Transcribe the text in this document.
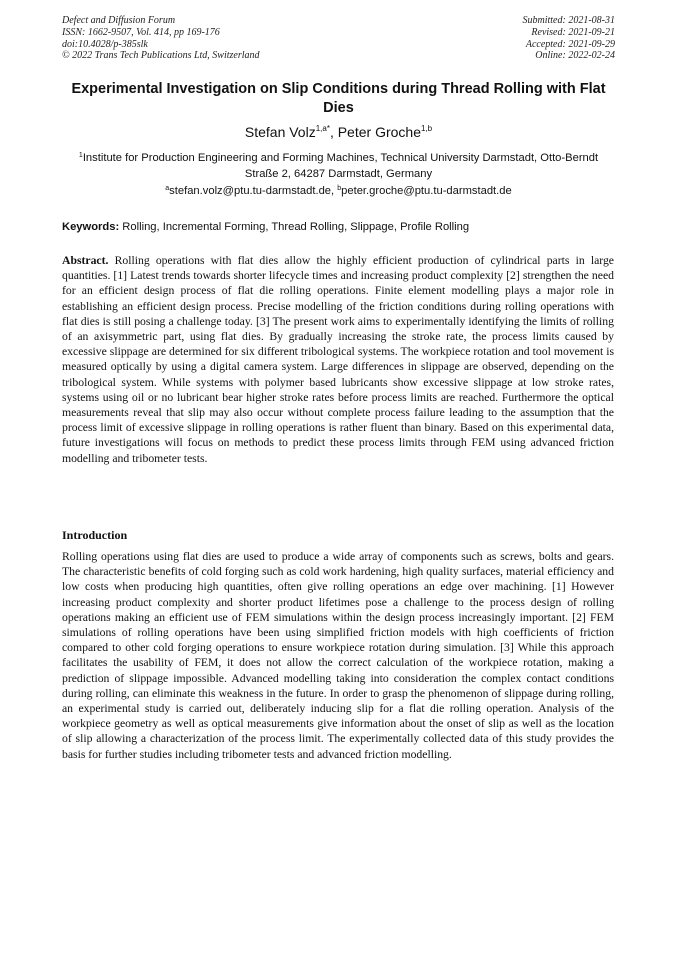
Defect and Diffusion Forum
ISSN: 1662-9507, Vol. 414, pp 169-176
doi:10.4028/p-385slk
© 2022 Trans Tech Publications Ltd, Switzerland
Submitted: 2021-08-31
Revised: 2021-09-21
Accepted: 2021-09-29
Online: 2022-02-24
Experimental Investigation on Slip Conditions during Thread Rolling with Flat Dies
Stefan Volz$^{1,a*}$, Peter Groche$^{1,b}$
$^1$Institute for Production Engineering and Forming Machines, Technical University Darmstadt, Otto-Berndt Straße 2, 64287 Darmstadt, Germany
$^a$stefan.volz@ptu.tu-darmstadt.de, $^b$peter.groche@ptu.tu-darmstadt.de
Keywords: Rolling, Incremental Forming, Thread Rolling, Slippage, Profile Rolling
Abstract. Rolling operations with flat dies allow the highly efficient production of cylindrical parts in large quantities. [1] Latest trends towards shorter lifecycle times and increasing product complexity [2] strengthen the need for an efficient design process of flat die rolling operations. Finite element modelling plays a major role in establishing an efficient design process. Precise modelling of the friction conditions during rolling operations with flat dies is still posing a challenge today. [3] The present work aims to experimentally identifying the limits of rolling of an axisymmetric part, using flat dies. By gradually increasing the stroke rate, the process limits caused by excessive slippage are determined for six different tribological systems. The workpiece rotation and tool movement is measured optically by using a digital camera system. Large differences in slippage are observed, depending on the tribological system. While systems with polymer based lubricants show excessive slippage at low stroke rates, systems using oil or no lubricant bear higher stroke rates before process limits are reached. Furthermore the optical measurements reveal that slip may also occur without complete process failure leading to the assumption that the process limit of excessive slippage in rolling operations is rather fluent than binary. Based on this experimental data, future investigations will focus on methods to predict these process limits through FEM using advanced friction modelling and tribometer tests.
Introduction
Rolling operations using flat dies are used to produce a wide array of components such as screws, bolts and gears. The characteristic benefits of cold forging such as cold work hardening, high quality surfaces, material efficiency and low costs when producing high quantities, often give rolling operations an edge over machining. [1] However increasing product complexity and shorter product lifetimes pose a challenge to the process design of rolling operations making an efficient use of FEM simulations within the design process increasingly important. [2] FEM simulations of rolling operations have been using simplified friction models with high coefficients of friction compared to other cold forging operations to ensure workpiece rotation during simulation. [3] While this approach facilitates the usability of FEM, it does not allow the correct calculation of the workpiece rotation, making a prediction of slippage impossible. Advanced modelling taking into consideration the complex contact conditions during rolling, can eliminate this weakness in the future. In order to grasp the phenomenon of slippage during rolling, an experimental study is carried out, deliberately inducing slip for a flat die rolling operation. Analysis of the workpiece geometry as well as optical measurements give information about the onset of slip as well as the location of slip allowing a characterization of the process limit. The experimentally collected data of this study provides the basis for further studies including tribometer tests and advanced friction modelling.
